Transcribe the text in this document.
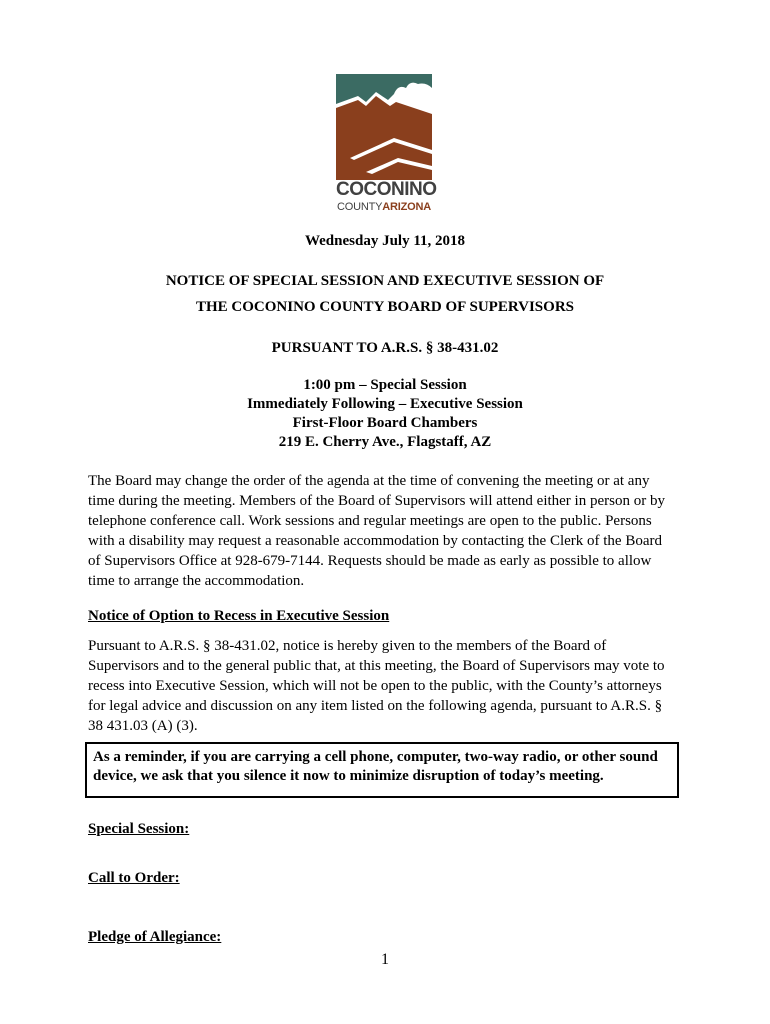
COCONINO
COUNTYARIZONA
Wednesday July 11, 2018
NOTICE OF SPECIAL SESSION AND EXECUTIVE SESSION OF
THE COCONINO COUNTY BOARD OF SUPERVISORS
PURSUANT TO A.R.S. § 38-431.02
1:00 pm – Special Session
Immediately Following – Executive Session
First-Floor Board Chambers
219 E. Cherry Ave., Flagstaff, AZ
The Board may change the order of the agenda at the time of convening the meeting or at any
time during the meeting. Members of the Board of Supervisors will attend either in person or by
telephone conference call. Work sessions and regular meetings are open to the public. Persons
with a disability may request a reasonable accommodation by contacting the Clerk of the Board
of Supervisors Office at 928-679-7144. Requests should be made as early as possible to allow
time to arrange the accommodation.
Notice of Option to Recess in Executive Session
Pursuant to A.R.S. § 38-431.02, notice is hereby given to the members of the Board of
Supervisors and to the general public that, at this meeting, the Board of Supervisors may vote to
recess into Executive Session, which will not be open to the public, with the County’s attorneys
for legal advice and discussion on any item listed on the following agenda, pursuant to A.R.S. §
38 431.03 (A) (3).
As a reminder, if you are carrying a cell phone, computer, two-way radio, or other sound
device, we ask that you silence it now to minimize disruption of today’s meeting.
Special Session:
Call to Order:
Pledge of Allegiance:
1
